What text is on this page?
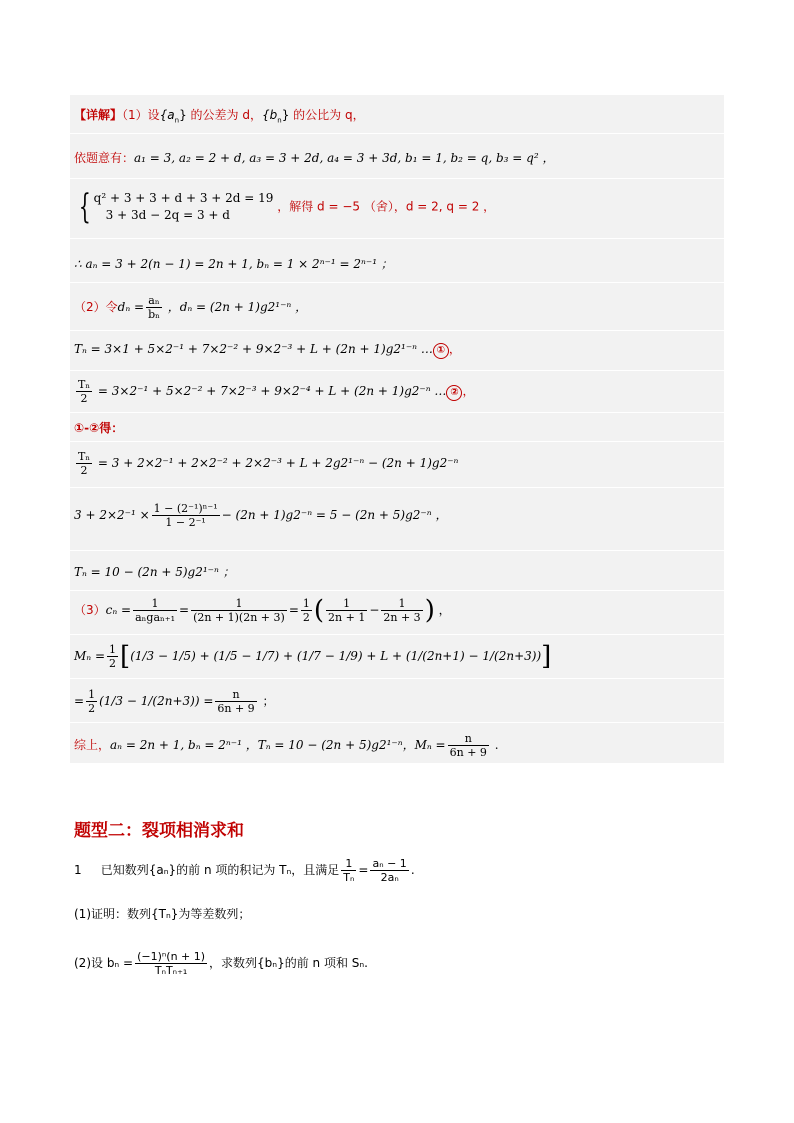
【详解】（1）设$\{a_n\}$ 的公差为 d，$\{b_n\}$ 的公比为 q，
依题意有：a₁ = 3, a₂ = 2 + d, a₃ = 3 + 2d, a₄ = 3 + 3d, b₁ = 1, b₂ = q, b₃ = q² ，
{ q² + 3 + 3 + d + 3 + 2d = 19
3 + 3d − 2q = 3 + d
，解得 d = −5 （舍），d = 2, q = 2 ，
∴ aₙ = 3 + 2(n − 1) = 2n + 1, bₙ = 1 × 2ⁿ⁻¹ = 2ⁿ⁻¹ ；
（2）令$d_n = \frac{\text{aₙ}}{\text{bₙ}}$ ，dₙ = (2n + 1)g2¹⁻ⁿ ，
Tₙ = 3×1 + 5×2⁻¹ + 7×2⁻² + 9×2⁻³ + L + (2n + 1)g2¹⁻ⁿ … ① ，
$\frac{\text{Tₙ}}{2} = 3\times 2^{-1} + 5\times 2^{-2} + 7\times 2^{-3} + 9\times 2^{-4} + L + (2n + 1)g2^{-n}$ … ② ，
①-②得：
$\frac{\text{Tₙ}}{2} = 3 + 2\times 2^{-1} + 2\times 2^{-2} + 2\times 2^{-3} + L + 2g2^{1-n} - (2n + 1)g2^{-n}$
$3 + 2\times 2^{-1} \times \frac{\text{1 − (2⁻¹)ⁿ⁻¹}}{\text{1 − 2⁻¹}} - (2n + 1)g2^{-n} = 5 - (2n + 5)g2^{-n}$ ，
Tₙ = 10 − (2n + 5)g2¹⁻ⁿ ；
$(3)c_n = \frac{1}{\text{aₙgaₙ₊₁}} = \frac{1}{(2n + 1)(2n + 3)} = \frac{1}{2}$ ( $\frac{1}{2n + 1} - \frac{1}{2n + 3}$ ) ，
$M_n = \frac{1}{2} [(1/3 - 1/5) + (1/5 - 1/7) + (1/7 - 1/9) + L + (1/(2n+1) - 1/(2n+3))]$
= $\frac{1}{2} (1/3 - 1/(2n+3)) = \frac{n}{6n + 9}$ ；
综上，aₙ = 2n + 1, bₙ = 2ⁿ⁻¹ ，Tₙ = 10 − (2n + 5)g2¹⁻ⁿ，$M_n = \frac{n}{6n + 9}$ .
题型二：裂项相消求和
1 已知数列{aₙ}的前 n 项的积记为 Tₙ，且满足 $\frac{1}{\text{Tₙ}} = \frac{\text{aₙ − 1}}{\text{2aₙ}}$ .
(1)证明：数列{Tₙ}为等差数列；
(2)设 $b_n = \frac{\text{(−1)ⁿ(n + 1)}}{\text{TₙTₙ₊₁}}$ ，求数列{bₙ}的前 n 项和 Sₙ.
